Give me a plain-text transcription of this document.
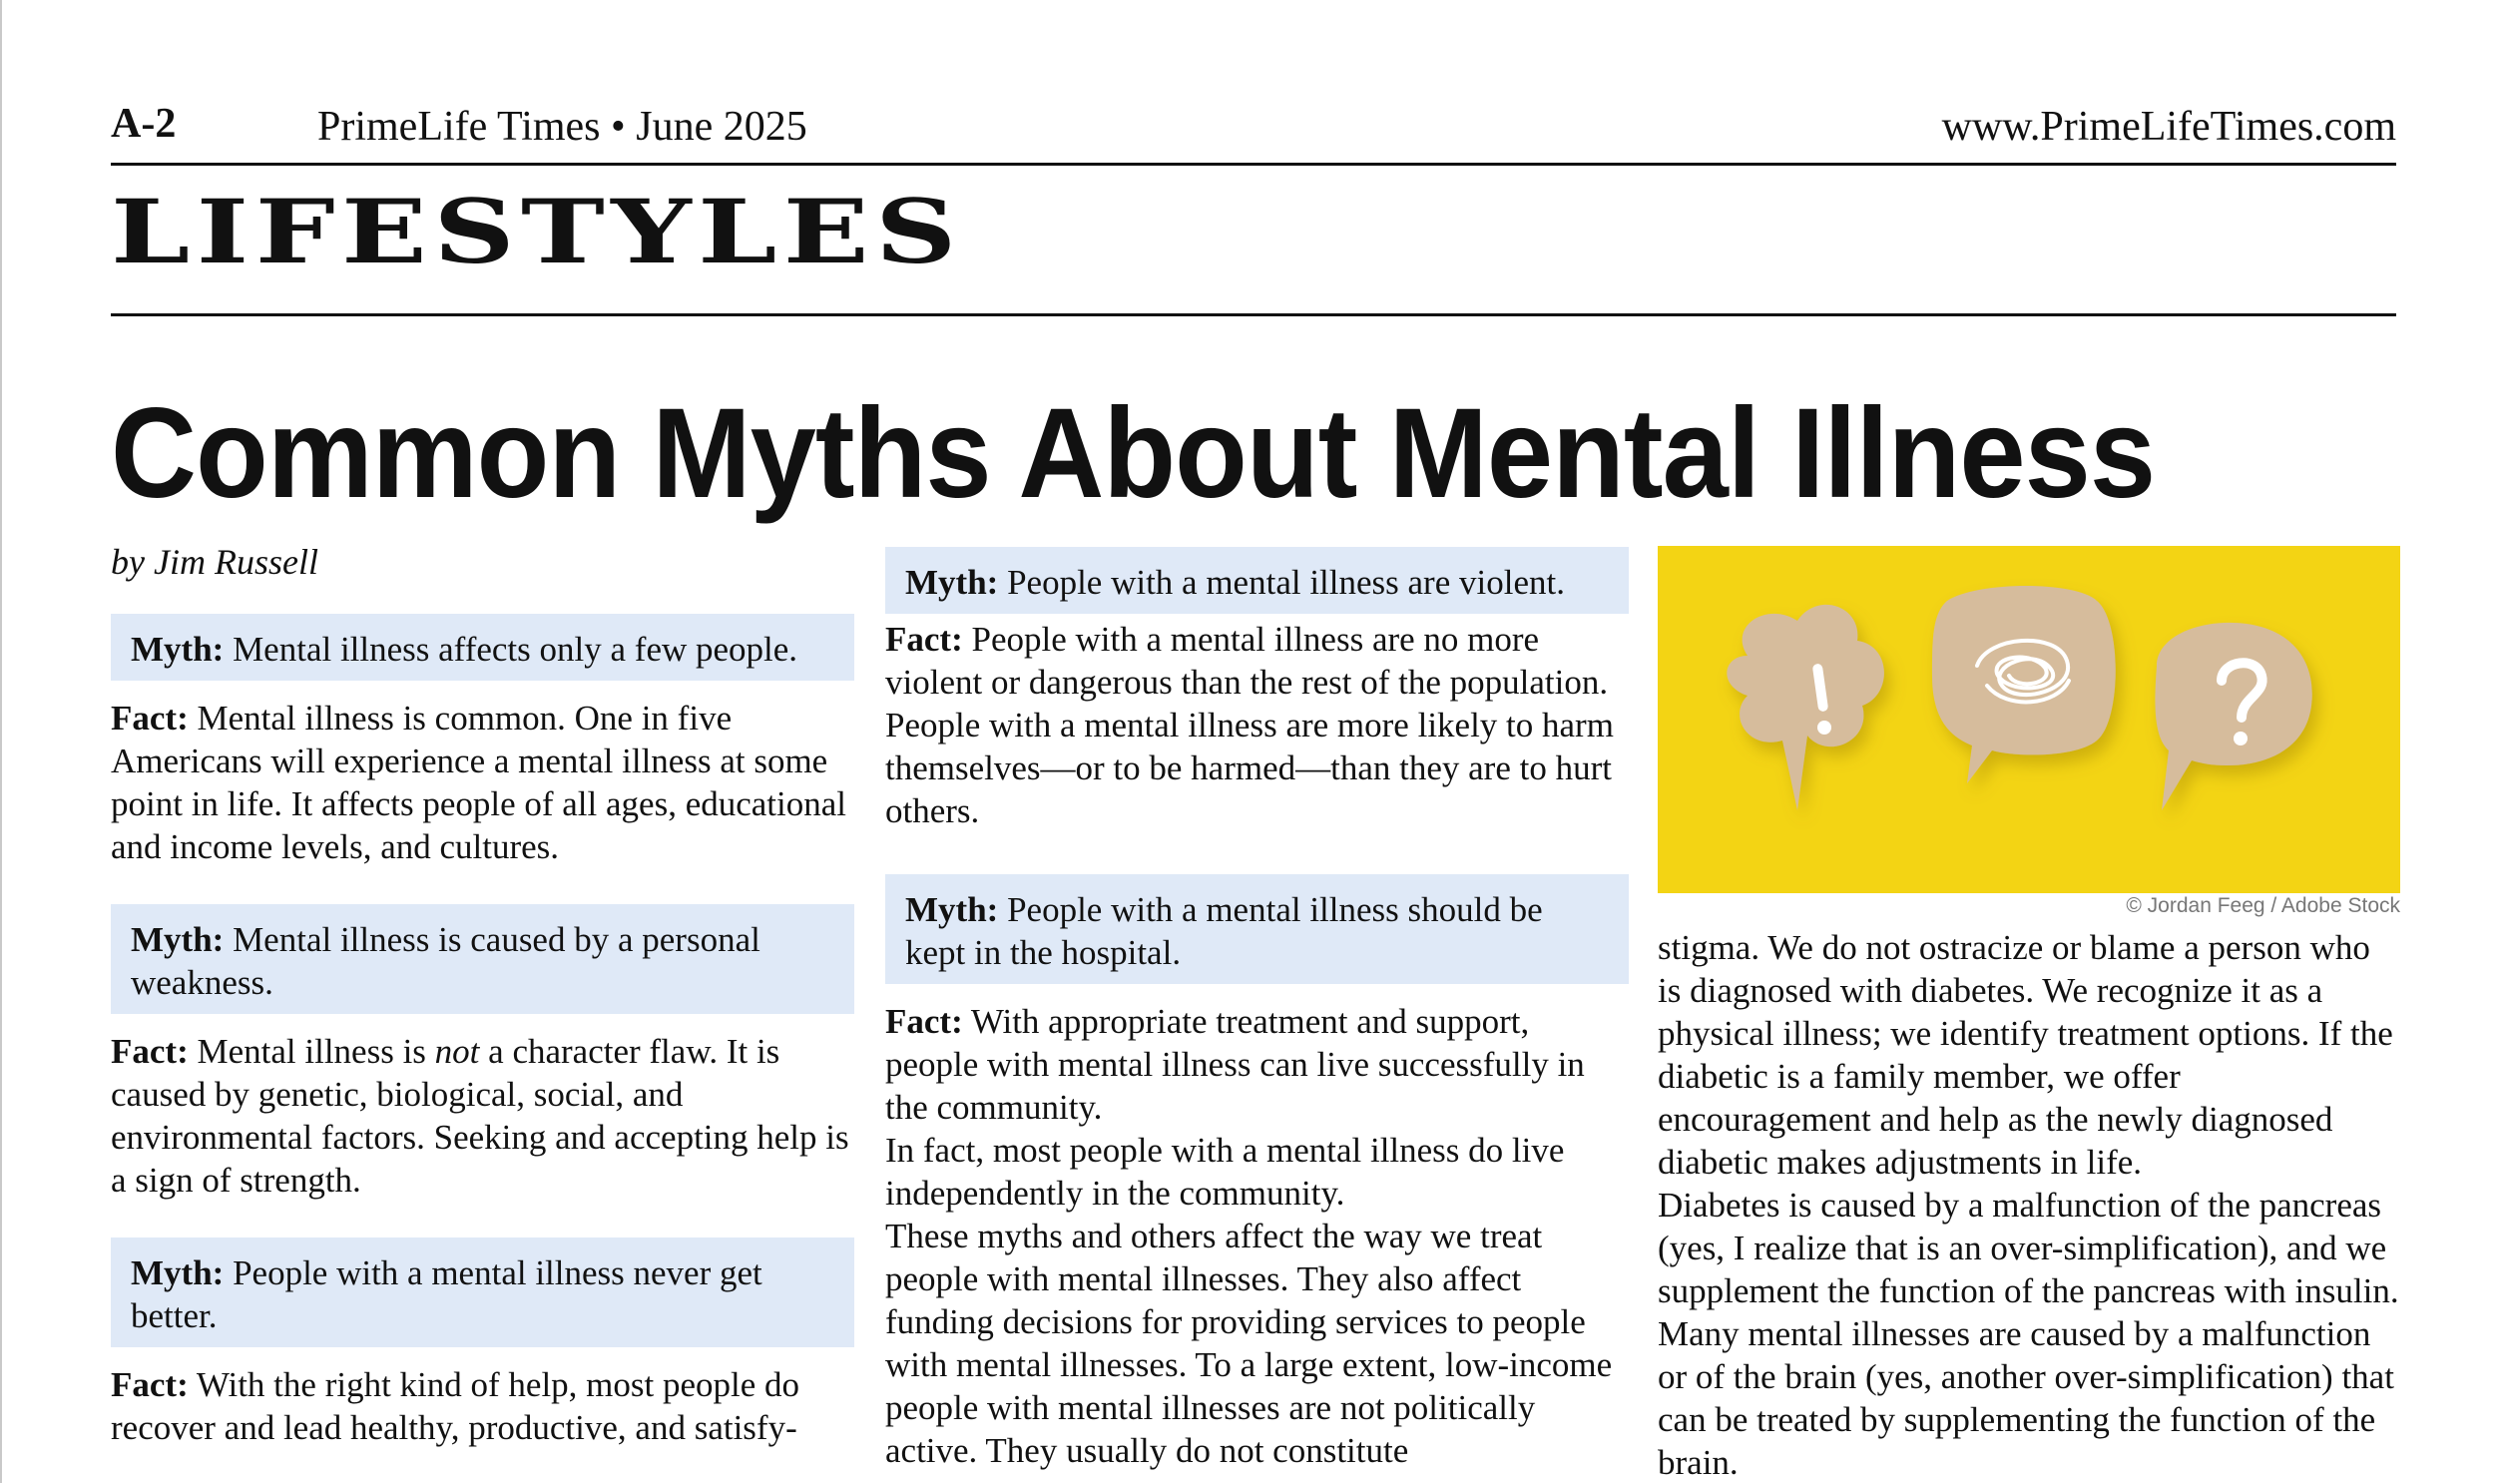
A-2	PrimeLife Times • June 2025	www.PrimeLifeTimes.com
LIFESTYLES
Common Myths About Mental Illness
by Jim Russell
Myth: Mental illness affects only a few people.

Fact: Mental illness is common. One in five Americans will experience a mental illness at some point in life. It affects people of all ages, educational and income levels, and cultures.

Myth: Mental illness is caused by a personal weakness.

Fact: Mental illness is not a character flaw. It is caused by genetic, biological, social, and environmental factors. Seeking and accepting help is a sign of strength.

Myth: People with a mental illness never get better.

Fact: With the right kind of help, most people do recover and lead healthy, productive, and satisfy-

Myth: People with a mental illness are violent.

Fact: People with a mental illness are no more violent or dangerous than the rest of the population. People with a mental illness are more likely to harm themselves—or to be harmed—than they are to hurt others.

Myth: People with a mental illness should be kept in the hospital.

Fact: With appropriate treatment and support, people with mental illness can live successfully in the community.

In fact, most people with a mental illness do live independently in the community.

These myths and others affect the way we treat people with mental illnesses. They also affect funding decisions for providing services to people with mental illnesses. To a large extent, low-income people with mental illnesses are not politically active. They usually do not constitute

© Jordan Feeg / Adobe Stock

stigma. We do not ostracize or blame a person who is diagnosed with diabetes. We recognize it as a physical illness; we identify treatment options. If the diabetic is a family member, we offer encouragement and help as the newly diagnosed diabetic makes adjustments in life.

Diabetes is caused by a malfunction of the pancreas (yes, I realize that is an over-simplification), and we supplement the function of the pancreas with insulin. Many mental illnesses are caused by a malfunction or of the brain (yes, another over-simplification) that can be treated by supplementing the function of the brain.
